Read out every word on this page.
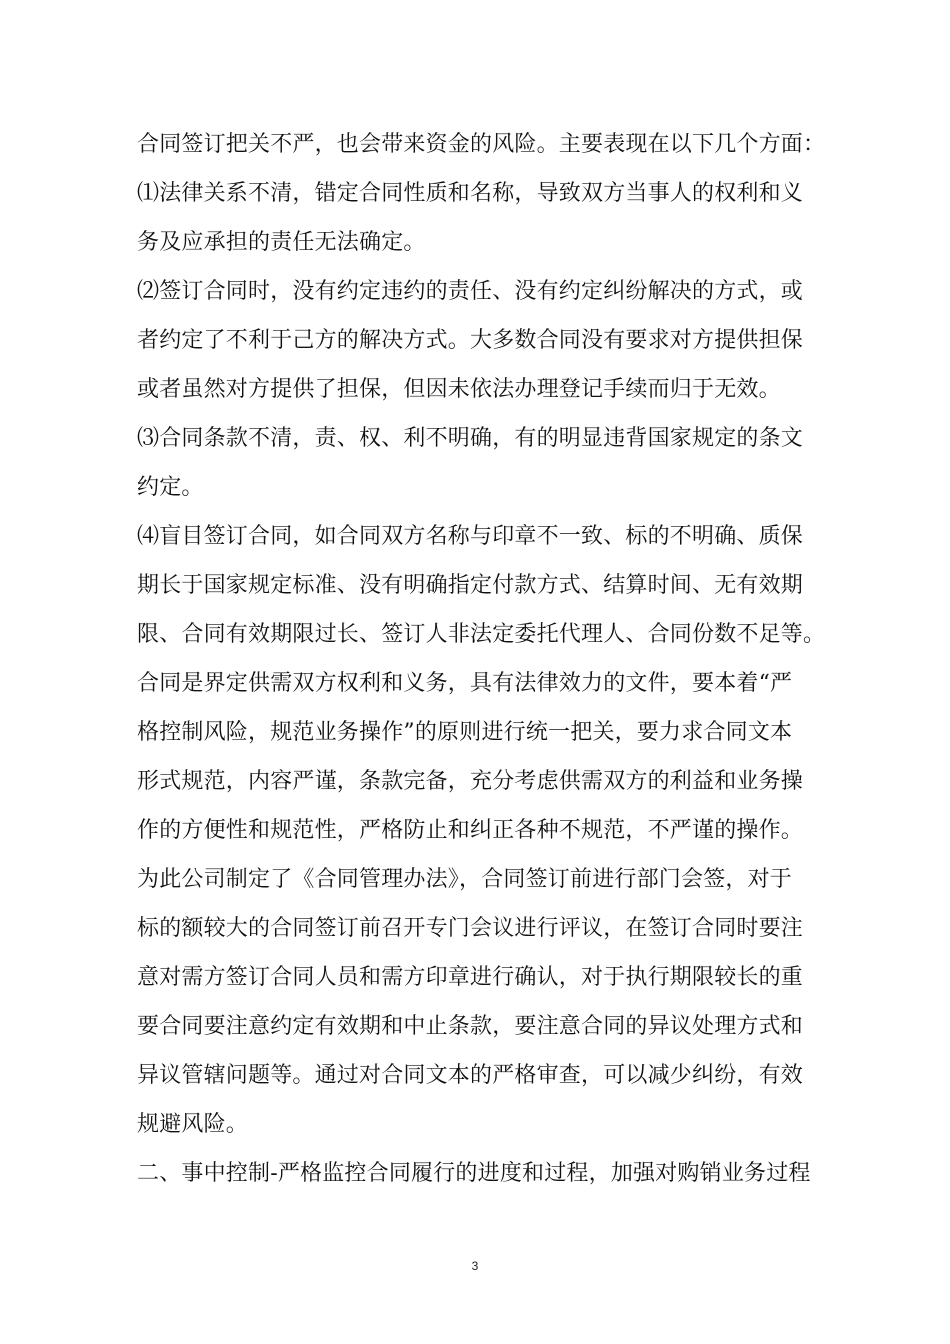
合同签订把关不严，也会带来资金的风险。主要表现在以下几个方面：
⑴法律关系不清，错定合同性质和名称，导致双方当事人的权利和义
务及应承担的责任无法确定。
⑵签订合同时，没有约定违约的责任、没有约定纠纷解决的方式，或
者约定了不利于己方的解决方式。大多数合同没有要求对方提供担保
或者虽然对方提供了担保，但因未依法办理登记手续而归于无效。
⑶合同条款不清，责、权、利不明确，有的明显违背国家规定的条文
约定。
⑷盲目签订合同，如合同双方名称与印章不一致、标的不明确、质保
期长于国家规定标准、没有明确指定付款方式、结算时间、无有效期
限、合同有效期限过长、签订人非法定委托代理人、合同份数不足等。
合同是界定供需双方权利和义务，具有法律效力的文件，要本着“严
格控制风险，规范业务操作”的原则进行统一把关，要力求合同文本
形式规范，内容严谨，条款完备，充分考虑供需双方的利益和业务操
作的方便性和规范性，严格防止和纠正各种不规范，不严谨的操作。
为此公司制定了《合同管理办法》，合同签订前进行部门会签，对于
标的额较大的合同签订前召开专门会议进行评议，在签订合同时要注
意对需方签订合同人员和需方印章进行确认，对于执行期限较长的重
要合同要注意约定有效期和中止条款，要注意合同的异议处理方式和
异议管辖问题等。通过对合同文本的严格审查，可以减少纠纷，有效
规避风险。
二、事中控制-严格监控合同履行的进度和过程，加强对购销业务过程
3
